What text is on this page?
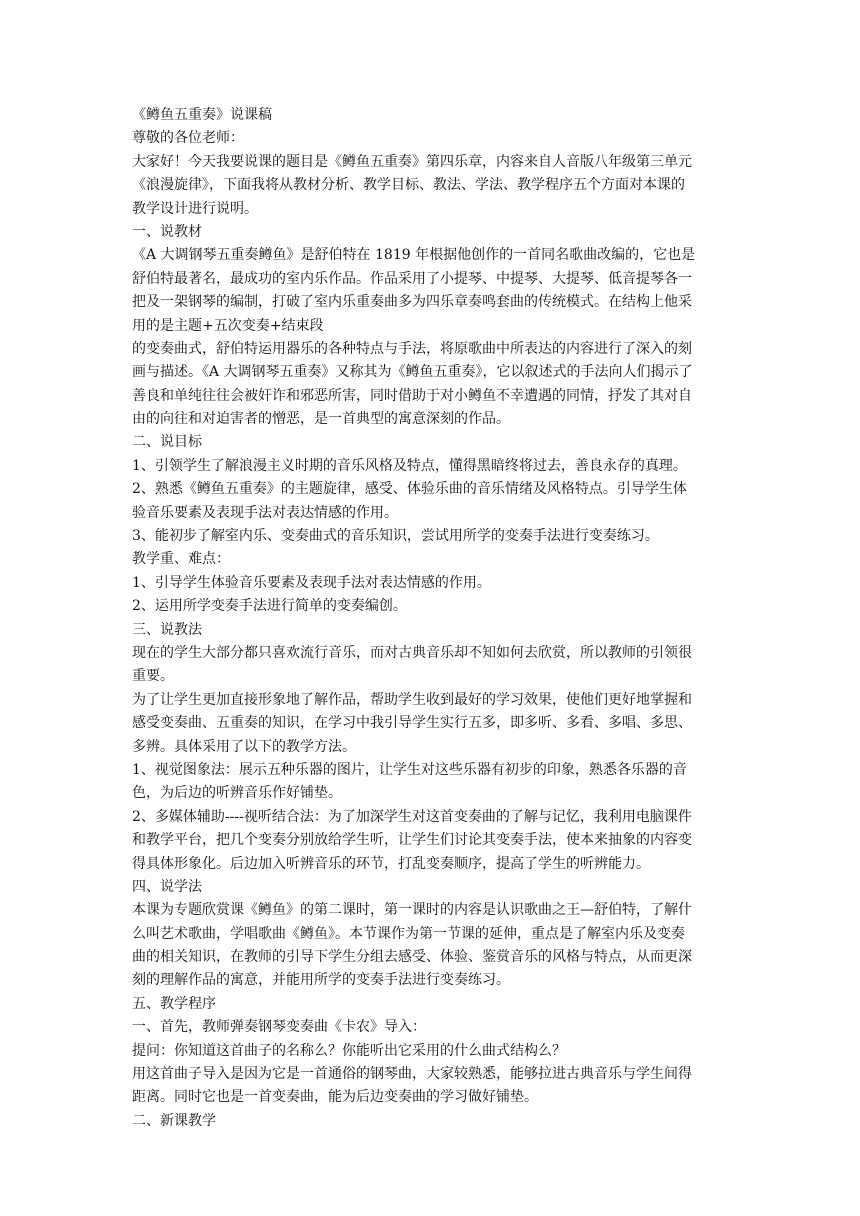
《鳟鱼五重奏》说课稿
尊敬的各位老师：
大家好！今天我要说课的题目是《鳟鱼五重奏》第四乐章，内容来自人音版八年级第三单元
《浪漫旋律》，下面我将从教材分析、教学目标、教法、学法、教学程序五个方面对本课的
教学设计进行说明。
一、说教材
《A 大调钢琴五重奏鳟鱼》是舒伯特在 1819 年根据他创作的一首同名歌曲改编的，它也是
舒伯特最著名，最成功的室内乐作品。作品采用了小提琴、中提琴、大提琴、低音提琴各一
把及一架钢琴的编制，打破了室内乐重奏曲多为四乐章奏鸣套曲的传统模式。在结构上他采
用的是主题+五次变奏+结束段
的变奏曲式，舒伯特运用器乐的各种特点与手法，将原歌曲中所表达的内容进行了深入的刻
画与描述。《A 大调钢琴五重奏》又称其为《鳟鱼五重奏》，它以叙述式的手法向人们揭示了
善良和单纯往往会被奸诈和邪恶所害，同时借助于对小鳟鱼不幸遭遇的同情，抒发了其对自
由的向往和对迫害者的憎恶，是一首典型的寓意深刻的作品。
二、说目标
1、引领学生了解浪漫主义时期的音乐风格及特点，懂得黑暗终将过去，善良永存的真理。
2、熟悉《鳟鱼五重奏》的主题旋律，感受、体验乐曲的音乐情绪及风格特点。引导学生体
验音乐要素及表现手法对表达情感的作用。
3、能初步了解室内乐、变奏曲式的音乐知识，尝试用所学的变奏手法进行变奏练习。
教学重、难点：
1、引导学生体验音乐要素及表现手法对表达情感的作用。
2、运用所学变奏手法进行简单的变奏编创。
三、说教法
现在的学生大部分都只喜欢流行音乐，而对古典音乐却不知如何去欣赏，所以教师的引领很
重要。
为了让学生更加直接形象地了解作品，帮助学生收到最好的学习效果，使他们更好地掌握和
感受变奏曲、五重奏的知识，在学习中我引导学生实行五多，即多听、多看、多唱、多思、
多辨。具体采用了以下的教学方法。
1、视觉图象法：展示五种乐器的图片，让学生对这些乐器有初步的印象，熟悉各乐器的音
色，为后边的听辨音乐作好铺垫。
2、多媒体辅助----视听结合法：为了加深学生对这首变奏曲的了解与记忆，我利用电脑课件
和教学平台，把几个变奏分别放给学生听，让学生们讨论其变奏手法，使本来抽象的内容变
得具体形象化。后边加入听辨音乐的环节，打乱变奏顺序，提高了学生的听辨能力。
四、说学法
本课为专题欣赏课《鳟鱼》的第二课时，第一课时的内容是认识歌曲之王—舒伯特，了解什
么叫艺术歌曲，学唱歌曲《鳟鱼》。本节课作为第一节课的延伸，重点是了解室内乐及变奏
曲的相关知识，在教师的引导下学生分组去感受、体验、鉴赏音乐的风格与特点，从而更深
刻的理解作品的寓意，并能用所学的变奏手法进行变奏练习。
五、教学程序
一、首先，教师弹奏钢琴变奏曲《卡农》导入：
提问：你知道这首曲子的名称么？你能听出它采用的什么曲式结构么？
用这首曲子导入是因为它是一首通俗的钢琴曲，大家较熟悉，能够拉进古典音乐与学生间得
距离。同时它也是一首变奏曲，能为后边变奏曲的学习做好铺垫。
二、新课教学
